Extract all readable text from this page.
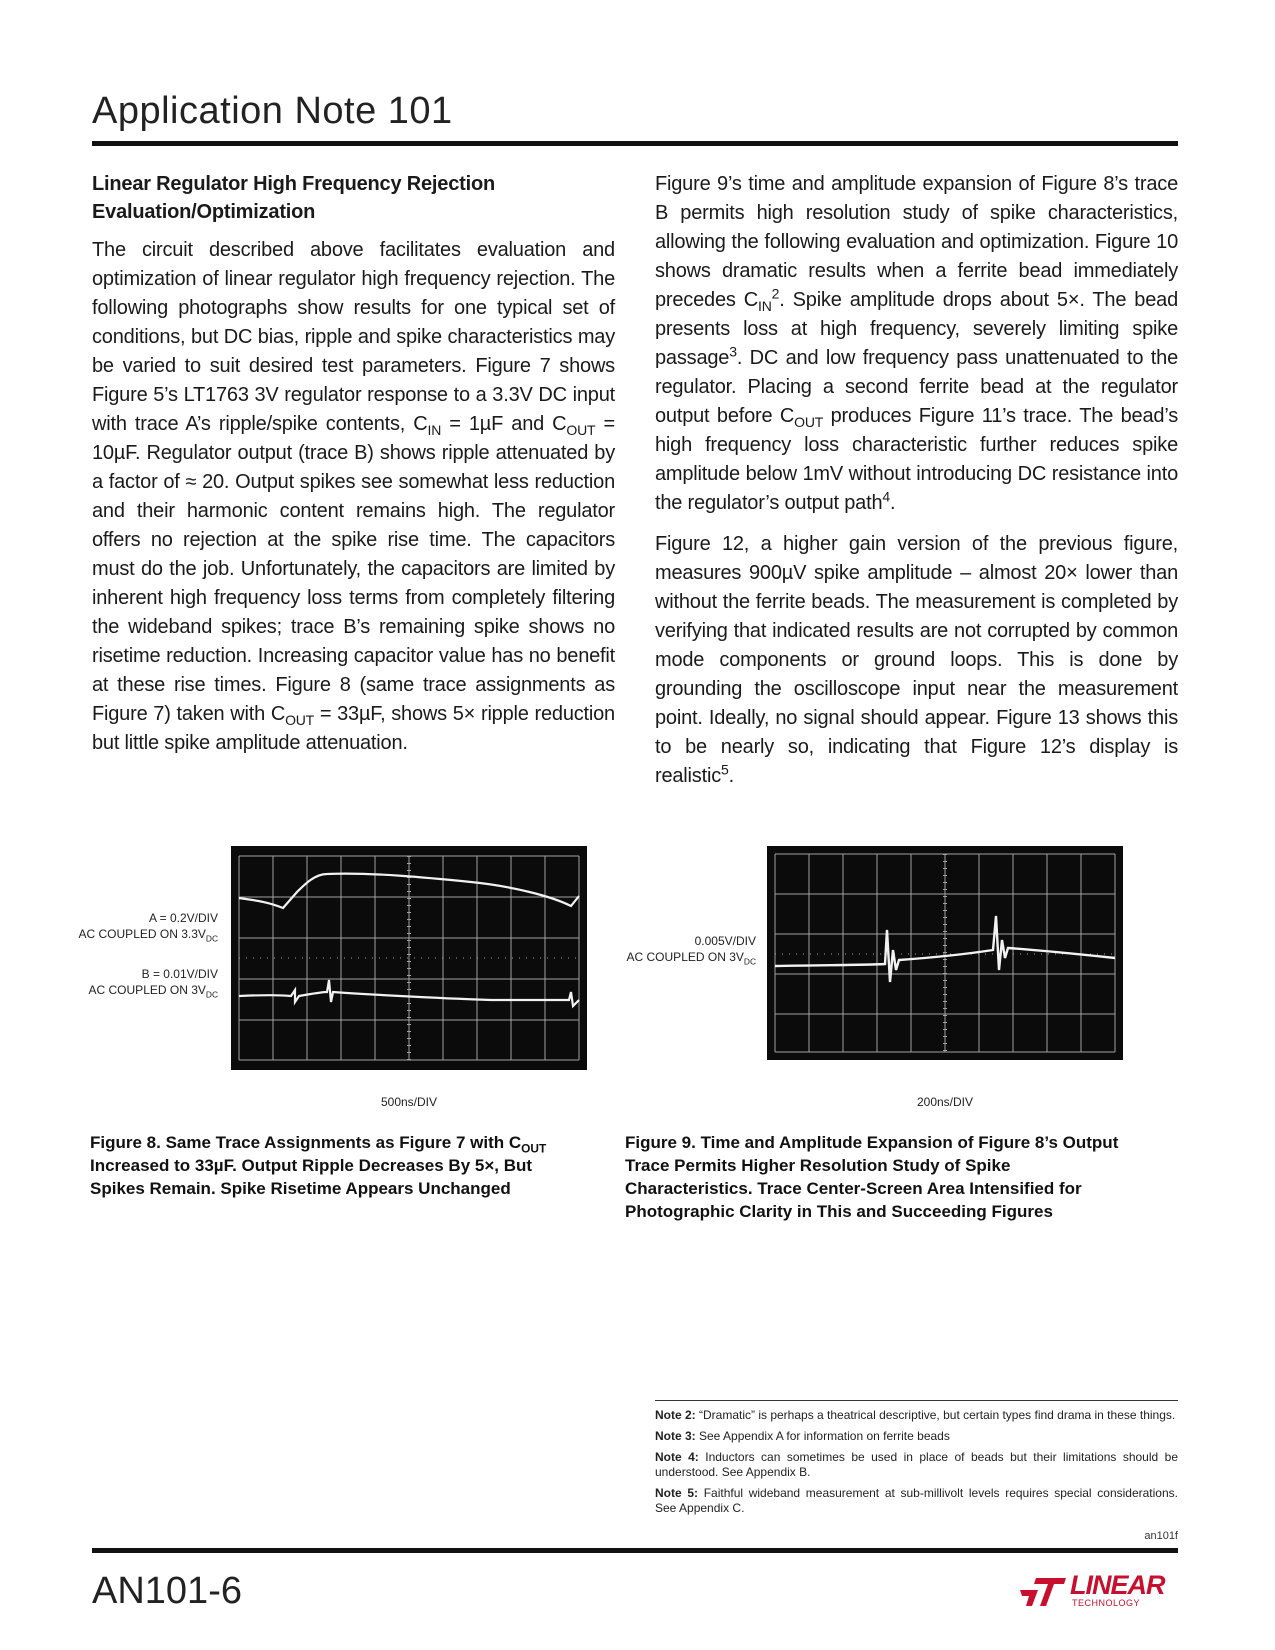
Application Note 101
Linear Regulator High Frequency Rejection Evaluation/Optimization

The circuit described above facilitates evaluation and optimization of linear regulator high frequency rejection. The following photographs show results for one typical set of conditions, but DC bias, ripple and spike characteristics may be varied to suit desired test parameters. Figure 7 shows Figure 5’s LT1763 3V regulator response to a 3.3V DC input with trace A’s ripple/spike contents, $C_{IN} = 1\mu F$ and $C_{OUT} = 10\mu F$. Regulator output (trace B) shows ripple attenuated by a factor of ≈ 20. Output spikes see somewhat less reduction and their harmonic content remains high. The regulator offers no rejection at the spike rise time. The capacitors must do the job. Unfortunately, the capacitors are limited by inherent high frequency loss terms from completely filtering the wideband spikes; trace B’s remaining spike shows no risetime reduction. Increasing capacitor value has no benefit at these rise times. Figure 8 (same trace assignments as Figure 7) taken with $C_{OUT} = 33\mu F$, shows 5× ripple reduction but little spike amplitude attenuation.

Figure 9’s time and amplitude expansion of Figure 8’s trace B permits high resolution study of spike characteristics, allowing the following evaluation and optimization. Figure 10 shows dramatic results when a ferrite bead immediately precedes $C_{IN}^2$. Spike amplitude drops about 5×. The bead presents loss at high frequency, severely limiting spike passage$^3$. DC and low frequency pass unattenuated to the regulator. Placing a second ferrite bead at the regulator output before $C_{OUT}$ produces Figure 11’s trace. The bead’s high frequency loss characteristic further reduces spike amplitude below 1mV without introducing DC resistance into the regulator’s output path$^4$.

Figure 12, a higher gain version of the previous figure, measures 900µV spike amplitude – almost 20× lower than without the ferrite beads. The measurement is completed by verifying that indicated results are not corrupted by common mode components or ground loops. This is done by grounding the oscilloscope input near the measurement point. Ideally, no signal should appear. Figure 13 shows this to be nearly so, indicating that Figure 12’s display is realistic$^5$.

A = 0.2V/DIV
AC COUPLED ON $3.3V_{DC}$
B = 0.01V/DIV
AC COUPLED ON $3V_{DC}$
500ns/DIV
Figure 8. Same Trace Assignments as Figure 7 with $C_{OUT}$ Increased to 33µF. Output Ripple Decreases By 5×, But Spikes Remain. Spike Risetime Appears Unchanged
0.005V/DIV
AC COUPLED ON $3V_{DC}$
200ns/DIV
Figure 9. Time and Amplitude Expansion of Figure 8’s Output Trace Permits Higher Resolution Study of Spike Characteristics. Trace Center-Screen Area Intensified for Photographic Clarity in This and Succeeding Figures

Note 2: “Dramatic” is perhaps a theatrical descriptive, but certain types find drama in these things.

Note 3: See Appendix A for information on ferrite beads

Note 4: Inductors can sometimes be used in place of beads but their limitations should be understood. See Appendix B.

Note 5: Faithful wideband measurement at sub-millivolt levels requires special considerations. See Appendix C.

an101f
AN101-6	LINEAR
TECHNOLOGY
